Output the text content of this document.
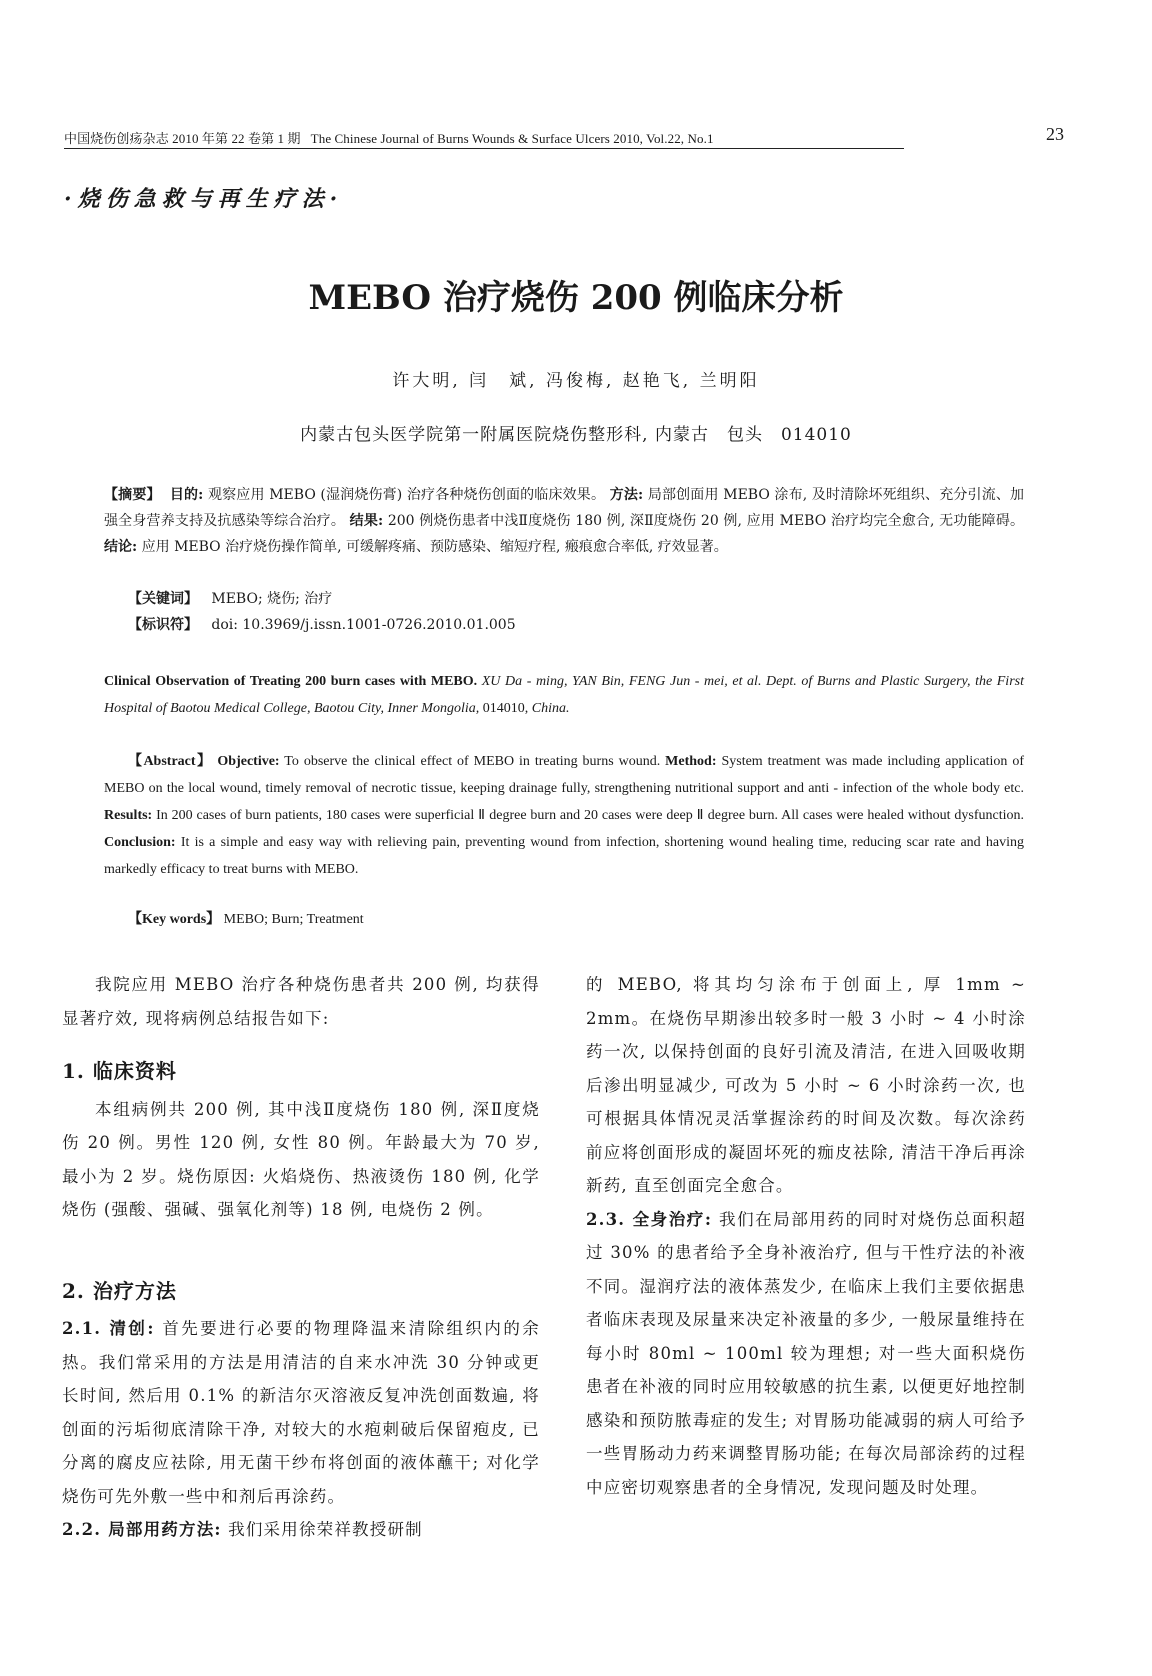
中国烧伤创疡杂志 2010 年第 22 卷第 1 期 The Chinese Journal of Burns Wounds & Surface Ulcers 2010, Vol.22, No.1	23
·烧伤急救与再生疗法·
MEBO 治疗烧伤 200 例临床分析
许大明, 闫　斌, 冯俊梅, 赵艳飞, 兰明阳
内蒙古包头医学院第一附属医院烧伤整形科, 内蒙古　包头　014010
【摘要】 目的: 观察应用 MEBO (湿润烧伤膏) 治疗各种烧伤创面的临床效果。 方法: 局部创面用 MEBO 涂布, 及时清除坏死组织、充分引流、加强全身营养支持及抗感染等综合治疗。 结果: 200 例烧伤患者中浅Ⅱ度烧伤 180 例, 深Ⅱ度烧伤 20 例, 应用 MEBO 治疗均完全愈合, 无功能障碍。 结论: 应用 MEBO 治疗烧伤操作简单, 可缓解疼痛、预防感染、缩短疗程, 瘢痕愈合率低, 疗效显著。
【关键词】 MEBO; 烧伤; 治疗
【标识符】 doi: 10.3969/j.issn.1001-0726.2010.01.005
Clinical Observation of Treating 200 burn cases with MEBO. XU Da - ming, YAN Bin, FENG Jun - mei, et al. Dept. of Burns and Plastic Surgery, the First Hospital of Baotou Medical College, Baotou City, Inner Mongolia, 014010, China.
【Abstract】 Objective: To observe the clinical effect of MEBO in treating burns wound. Method: System treatment was made including application of MEBO on the local wound, timely removal of necrotic tissue, keeping drainage fully, strengthening nutritional support and anti - infection of the whole body etc. Results: In 200 cases of burn patients, 180 cases were superficial Ⅱ degree burn and 20 cases were deep Ⅱ degree burn. All cases were healed without dysfunction. Conclusion: It is a simple and easy way with relieving pain, preventing wound from infection, shortening wound healing time, reducing scar rate and having markedly efficacy to treat burns with MEBO.
【Key words】 MEBO; Burn; Treatment

我院应用 MEBO 治疗各种烧伤患者共 200 例, 均获得显著疗效, 现将病例总结报告如下:

1. 临床资料

本组病例共 200 例, 其中浅Ⅱ度烧伤 180 例, 深Ⅱ度烧伤 20 例。男性 120 例, 女性 80 例。年龄最大为 70 岁, 最小为 2 岁。烧伤原因: 火焰烧伤、热液烫伤 180 例, 化学烧伤 (强酸、强碱、强氧化剂等) 18 例, 电烧伤 2 例。

2. 治疗方法

2.1. 清创: 首先要进行必要的物理降温来清除组织内的余热。我们常采用的方法是用清洁的自来水冲洗 30 分钟或更长时间, 然后用 0.1% 的新洁尔灭溶液反复冲洗创面数遍, 将创面的污垢彻底清除干净, 对较大的水疱刺破后保留疱皮, 已分离的腐皮应祛除, 用无菌干纱布将创面的液体蘸干; 对化学烧伤可先外敷一些中和剂后再涂药。

2.2. 局部用药方法: 我们采用徐荣祥教授研制

的 MEBO, 将其均匀涂布于创面上, 厚 1mm ~ 2mm。在烧伤早期渗出较多时一般 3 小时 ~ 4 小时涂药一次, 以保持创面的良好引流及清洁, 在进入回吸收期后渗出明显减少, 可改为 5 小时 ~ 6 小时涂药一次, 也可根据具体情况灵活掌握涂药的时间及次数。每次涂药前应将创面形成的凝固坏死的痂皮祛除, 清洁干净后再涂新药, 直至创面完全愈合。

2.3. 全身治疗: 我们在局部用药的同时对烧伤总面积超过 30% 的患者给予全身补液治疗, 但与干性疗法的补液不同。湿润疗法的液体蒸发少, 在临床上我们主要依据患者临床表现及尿量来决定补液量的多少, 一般尿量维持在每小时 80ml ~ 100ml 较为理想; 对一些大面积烧伤患者在补液的同时应用较敏感的抗生素, 以便更好地控制感染和预防脓毒症的发生; 对胃肠功能减弱的病人可给予一些胃肠动力药来调整胃肠功能; 在每次局部涂药的过程中应密切观察患者的全身情况, 发现问题及时处理。
